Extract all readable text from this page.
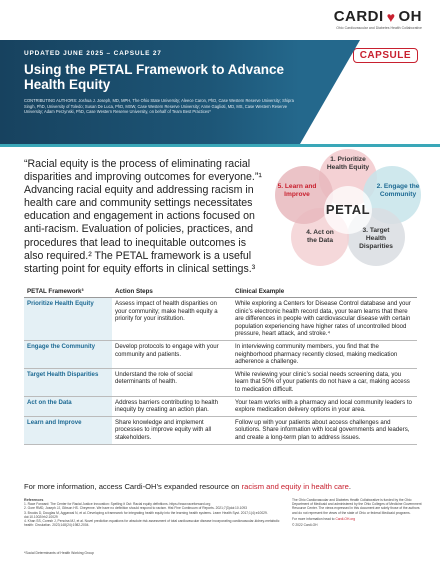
CARDI ♥ OH
Ohio Cardiovascular and Diabetes Health Collaborative
CAPSULE
UPDATED JUNE 2025 – CAPSULE 27
Using the PETAL Framework to Advance Health Equity
CONTRIBUTING AUTHORS: Joshua J. Joseph, MD, MPH, The Ohio State University; Aleece Caron, PhD, Case Western Reserve University; Shipra Singh, PhD, University of Toledo; Susan De Luca, PhD, MSW, Case Western Reserve University; Anne Gaglioti, MD, MS, Case Western Reserve University; Adam Perzynski, PhD, Case Western Reserve University, on behalf of Team Best Practices*
“Racial equity is the process of eliminating racial disparities and improving outcomes for everyone.”¹ Advancing racial equity and addressing racism in health care and community settings necessitates education and engagement in actions focused on anti-racism. Evaluation of policies, practices, and procedures that lead to inequitable outcomes is also required.² The PETAL framework is a useful starting point for equity efforts in clinical settings.³
1. Prioritize Health Equity
2. Engage the Community
3. Target Health Disparities
4. Act on the Data
5. Learn and Improve
PETAL
PETAL Framework³	Action Steps	Clinical Example
Prioritize Health Equity	Assess impact of health disparities on your community; make health equity a priority for your institution.	While exploring a Centers for Disease Control database and your clinic’s electronic health record data, your team learns that there are differences in people with cardiovascular disease with certain population experiencing have higher rates of uncontrolled blood pressure, heart attack, and stroke.⁴
Engage the Community	Develop protocols to engage with your community and patients.	In interviewing community members, you find that the neighborhood pharmacy recently closed, making medication adherence a challenge.
Target Health Disparities	Understand the role of social determinants of health.	While reviewing your clinic’s social needs screening data, you learn that 50% of your patients do not have a car, making access to medication difficult.
Act on the Data	Address barriers contributing to health inequity by creating an action plan.	Your team works with a pharmacy and local community leaders to explore medication delivery options in your area.
Learn and Improve	Share knowledge and implement processes to improve equity with all stakeholders.	Follow up with your patients about access challenges and solutions. Share information with local governments and leaders, and create a long-term plan to address issues.
For more information, access Cardi-OH’s expanded resource on racism and equity in health care.
References
1. Race Forward: The Center for Racial Justice Innovation: Spelling it Out: Racial equity definitions. https://www.raceforward.org
2. Gore RMD, Joseph JJ, Gibson HS. Cheyenne. We have no definition should respond to racism. Hist Fine Continuum of Reports. 2021;7(3)doi:10.1093
3. Brooks D, Douglas M, Aggarwal N, et al. Developing a framework for integrating health equity into the learning health systems. Learn Health Syst. 2017;1(4):e10029. doi:10.1002/lrh2.10029
4. Khan SS, Coresh J, Pencina MJ, et al. Novel prediction equations for absolute risk assessment of total cardiovascular disease incorporating cardiovascular-kidney-metabolic health: Circulation. 2023;148(24):1982-2004.
The Ohio Cardiovascular and Diabetes Health Collaborative is funded by the Ohio Department of Medicaid and administered by the Ohio Colleges of Medicine Government Resource Center. The views expressed in this document are solely those of the authors and do not represent the views of the state of Ohio or federal Medicaid programs.
For more information head to Cardi-OH.org
© 2022 Cardi-OH
*Social Determinants of Health Working Group
